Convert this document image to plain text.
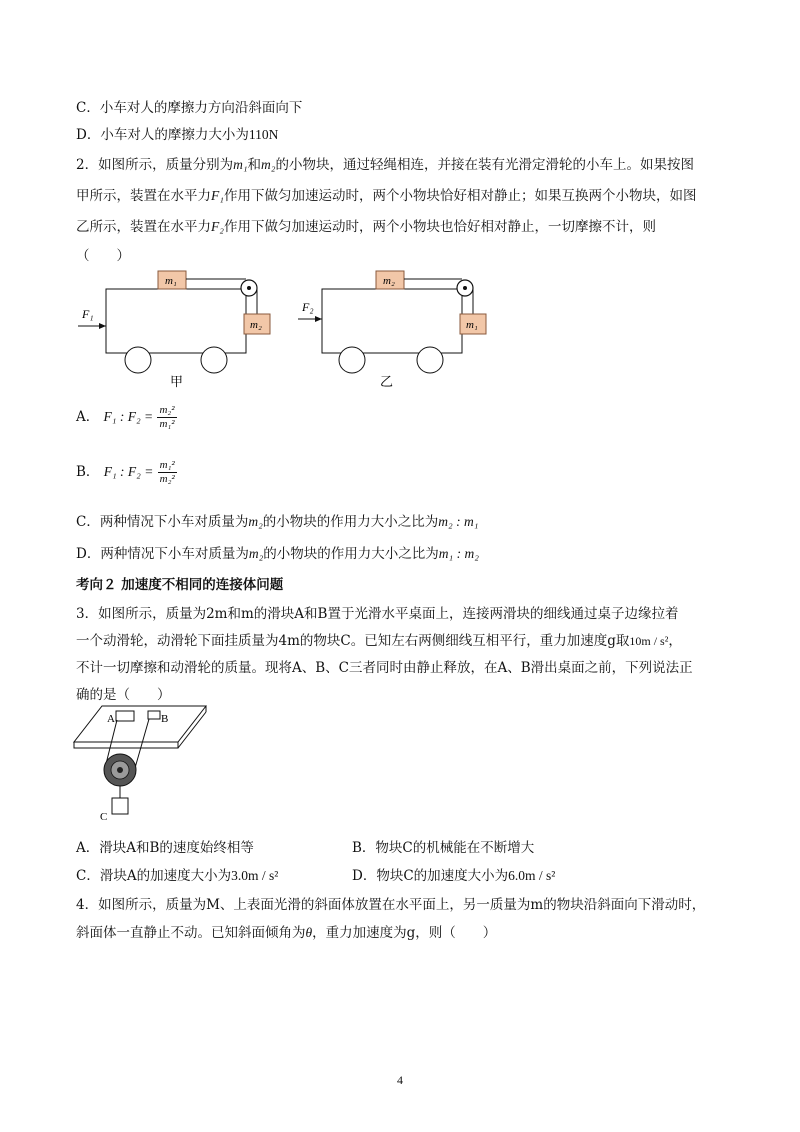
C．小车对人的摩擦力方向沿斜面向下
D．小车对人的摩擦力大小为110N
2．如图所示，质量分别为m₁和m₂的小物块，通过轻绳相连，并接在装有光滑定滑轮的小车上。如果按图
甲所示，装置在水平力F₁作用下做匀加速运动时，两个小物块恰好相对静止；如果互换两个小物块，如图
乙所示，装置在水平力F₂作用下做匀加速运动时，两个小物块也恰好相对静止，一切摩擦不计，则
（　　）
F₁
m₁
m₂
甲
F₂
m₂
m₁
乙
A． F₁ : $F_2 = \frac{\text{m₂²}}{\text{m₁²}}$
B． F₁ : $F_2 = \frac{\text{m₁²}}{\text{m₂²}}$
C．两种情况下小车对质量为m₂的小物块的作用力大小之比为m₂ : m₁
D．两种情况下小车对质量为m₂的小物块的作用力大小之比为m₁ : m₂
考向２ 加速度不相同的连接体问题
3．如图所示，质量为2m和m的滑块A和B置于光滑水平桌面上，连接两滑块的细线通过桌子边缘拉着
一个动滑轮，动滑轮下面挂质量为4m的物块C。已知左右两侧细线互相平行，重力加速度g取10m / s²，
不计一切摩擦和动滑轮的质量。现将A、B、C三者同时由静止释放，在A、B滑出桌面之前，下列说法正
确的是（　　）
A	B
C
A．滑块A和B的速度始终相等	B．物块C的机械能在不断增大
C．滑块A的加速度大小为3.0m / s²	D．物块C的加速度大小为6.0m / s²
4．如图所示，质量为M、上表面光滑的斜面体放置在水平面上，另一质量为m的物块沿斜面向下滑动时，
斜面体一直静止不动。已知斜面倾角为θ，重力加速度为g，则（　　）
4
